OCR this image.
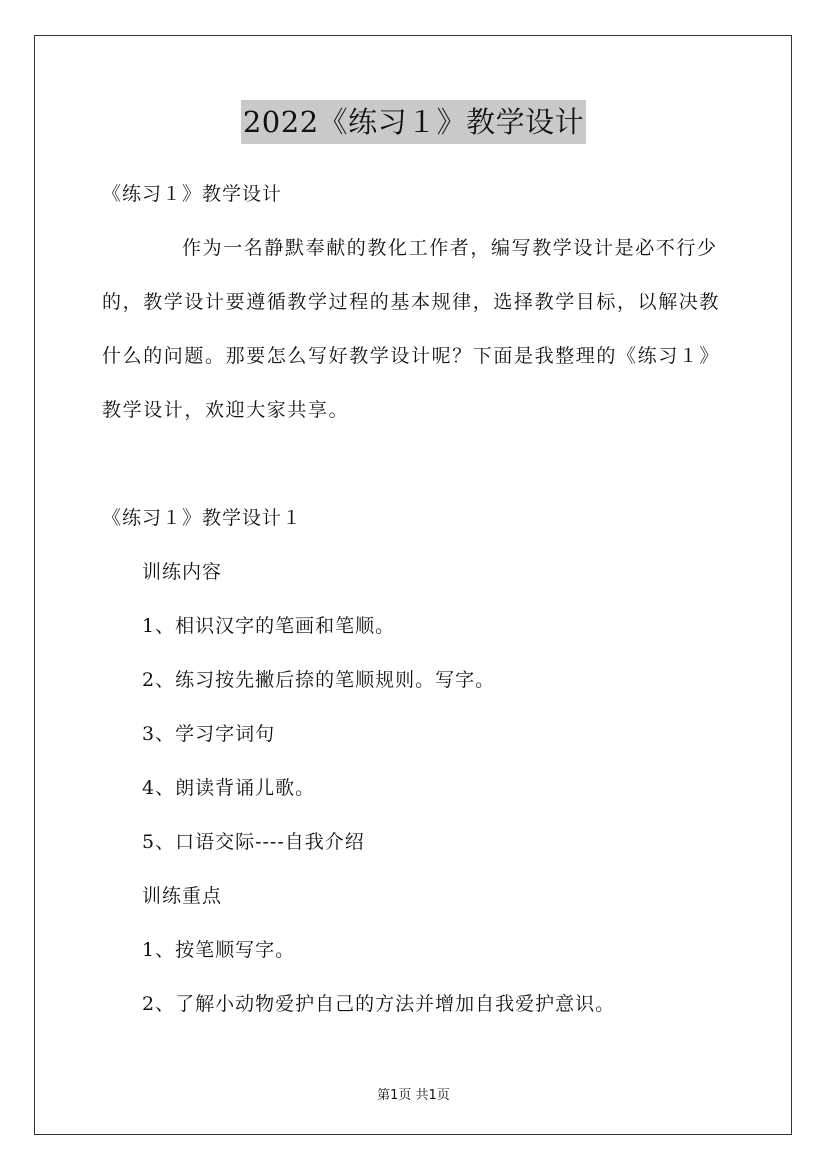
2022《练习１》教学设计
《练习１》教学设计
作为一名静默奉献的教化工作者，编写教学设计是必不行少
的，教学设计要遵循教学过程的基本规律，选择教学目标，以解决教
什么的问题。那要怎么写好教学设计呢？下面是我整理的《练习１》
教学设计，欢迎大家共享。
《练习１》教学设计１
训练内容
1、相识汉字的笔画和笔顺。
2、练习按先撇后捺的笔顺规则。写字。
3、学习字词句
4、朗读背诵儿歌。
5、口语交际----自我介绍
训练重点
1、按笔顺写字。
2、了解小动物爱护自己的方法并增加自我爱护意识。
第1页 共1页
